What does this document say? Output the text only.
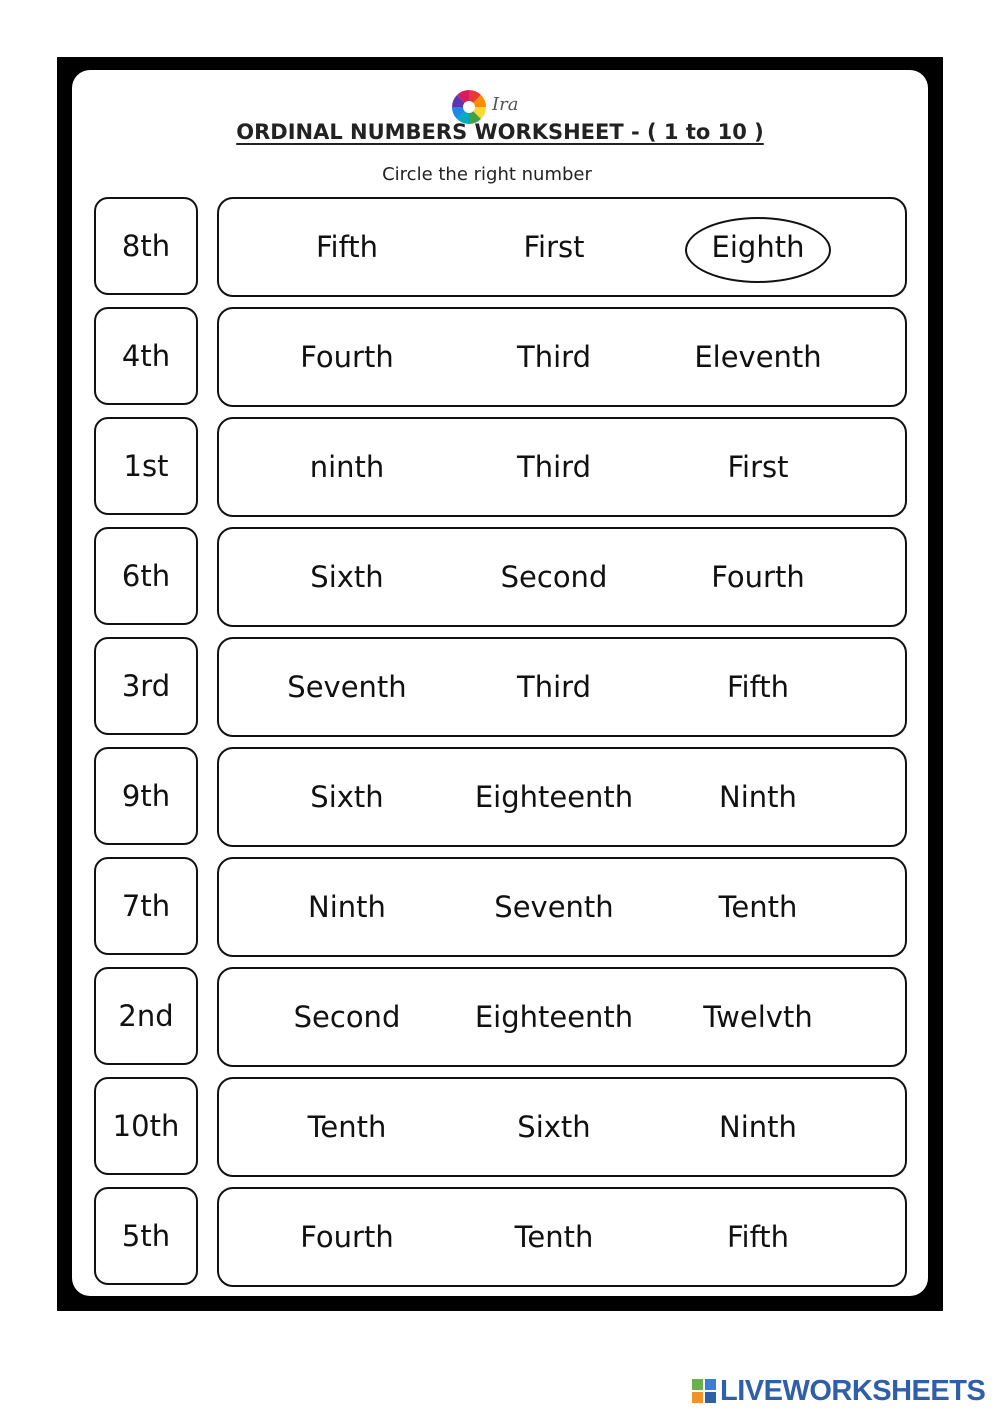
Ira
ORDINAL NUMBERS WORKSHEET - ( 1 to 10 )
Circle the right number
8th	Fifth	First	Eighth
4th	Fourth	Third	Eleventh
1st	ninth	Third	First
6th	Sixth	Second	Fourth
3rd	Seventh	Third	Fifth
9th	Sixth	Eighteenth	Ninth
7th	Ninth	Seventh	Tenth
2nd	Second	Eighteenth	Twelvth
10th	Tenth	Sixth	Ninth
5th	Fourth	Tenth	Fifth
LIVEWORKSHEETS
